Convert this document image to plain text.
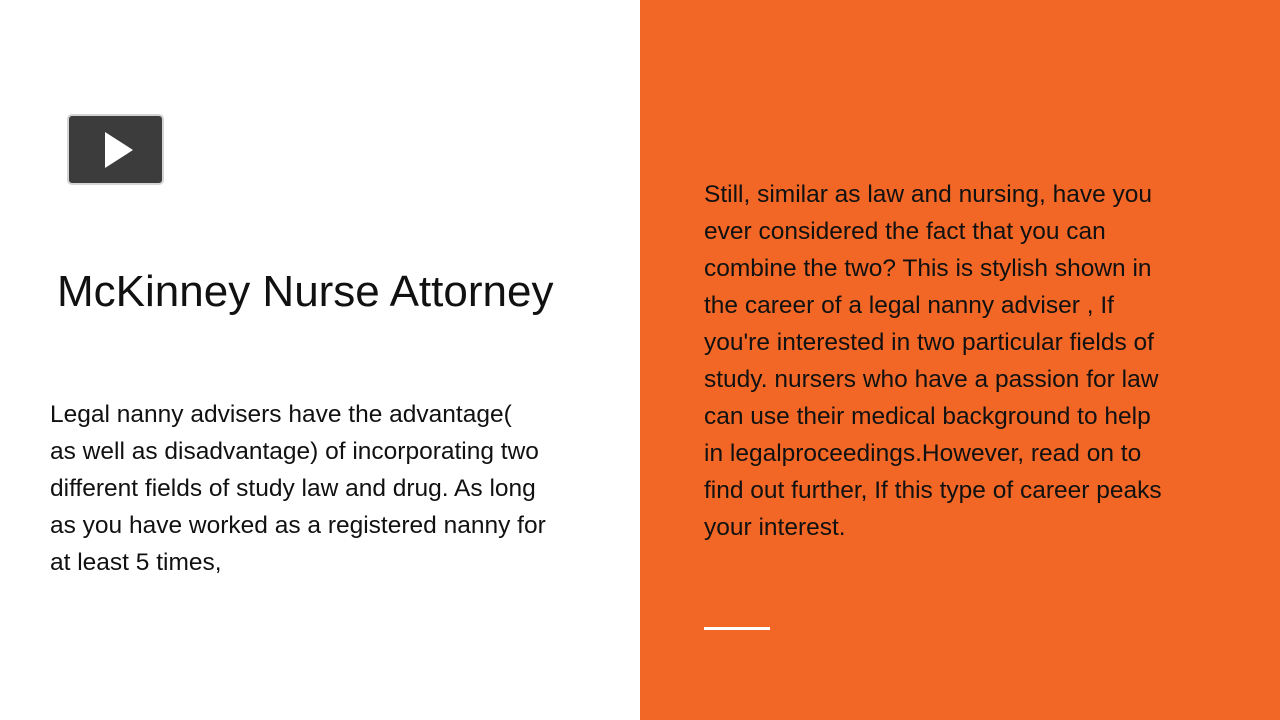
McKinney Nurse Attorney

Legal nanny advisers have the advantage(
as well as disadvantage) of incorporating two
different fields of study law and drug. As long
as you have worked as a registered nanny for
at least 5 times,

Still, similar as law and nursing, have you
ever considered the fact that you can
combine the two? This is stylish shown in
the career of a legal nanny adviser , If
you're interested in two particular fields of
study. nursers who have a passion for law
can use their medical background to help
in legalproceedings.However, read on to
find out further, If this type of career peaks
your interest.
